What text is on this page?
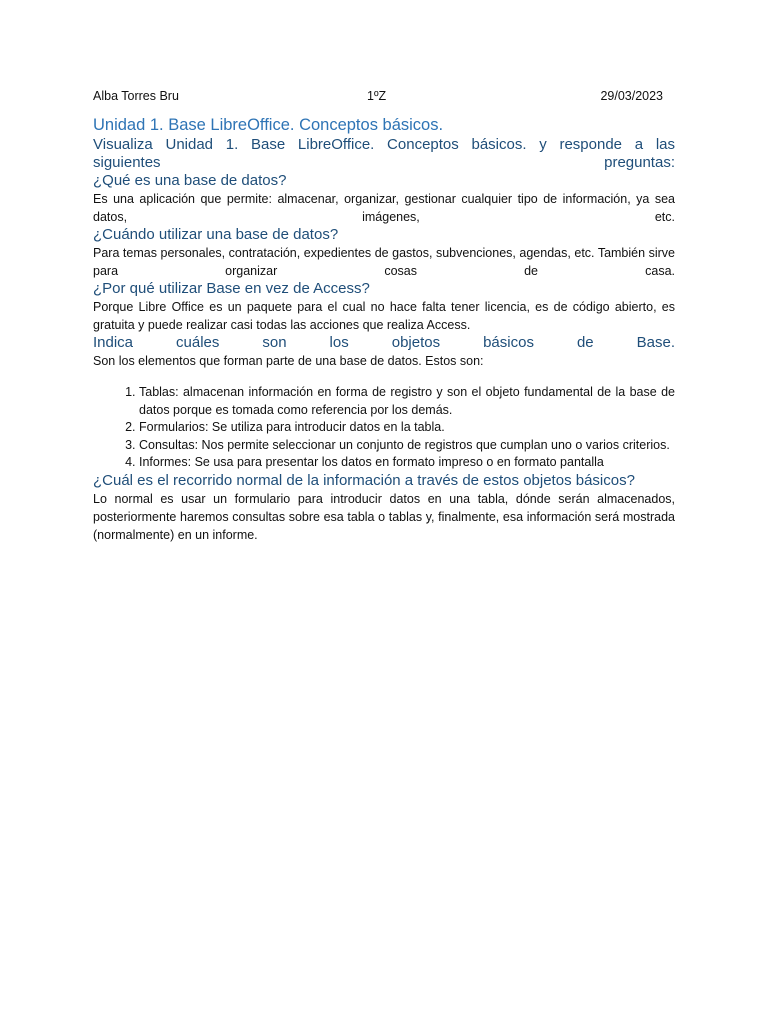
Alba Torres Bru	1ºZ	29/03/2023
Unidad 1. Base LibreOffice. Conceptos básicos.
Visualiza Unidad 1. Base LibreOffice. Conceptos básicos. y responde a las
siguientes preguntas:
¿Qué es una base de datos?

Es una aplicación que permite: almacenar, organizar, gestionar cualquier tipo de información, ya sea datos, imágenes, etc.

¿Cuándo utilizar una base de datos?

Para temas personales, contratación, expedientes de gastos, subvenciones, agendas, etc. También sirve para organizar cosas de casa.

¿Por qué utilizar Base en vez de Access?

Porque Libre Office es un paquete para el cual no hace falta tener licencia, es de código abierto, es gratuita y puede realizar casi todas las acciones que realiza Access.

Indica cuáles son los objetos básicos de Base.

Son los elementos que forman parte de una base de datos. Estos son:

1. Tablas: almacenan información en forma de registro y son el objeto fundamental de la base de datos porque es tomada como referencia por los demás.
2. Formularios: Se utiliza para introducir datos en la tabla.
3. Consultas: Nos permite seleccionar un conjunto de registros que cumplan uno o varios criterios.
4. Informes: Se usa para presentar los datos en formato impreso o en formato pantalla
¿Cuál es el recorrido normal de la información a través de estos objetos básicos?

Lo normal es usar un formulario para introducir datos en una tabla, dónde serán almacenados, posteriormente haremos consultas sobre esa tabla o tablas y, finalmente, esa información será mostrada (normalmente) en un informe.
